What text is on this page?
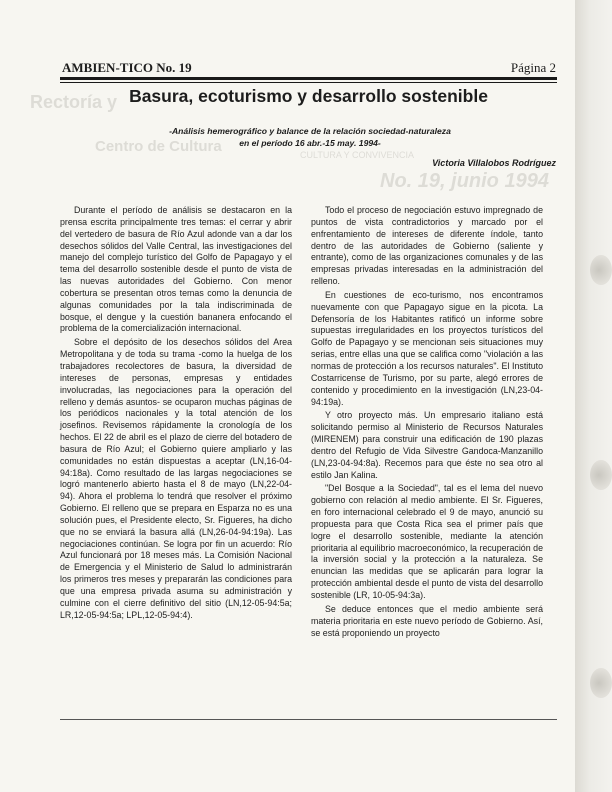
Rectoría y
Centro de Cultura	CULTURA Y CONVIVENCIA
No. 19, junio 1994
AMBIEN-TICO No. 19	Página 2
Basura, ecoturismo y desarrollo sostenible
-Análisis hemerográfico y balance de la relación sociedad-naturaleza
en el período 16 abr.-15 may. 1994-
Victoria Villalobos Rodríguez

Durante el período de análisis se destacaron en la prensa escrita principalmente tres temas: el cerrar y abrir del vertedero de basura de Río Azul adonde van a dar los desechos sólidos del Valle Central, las investigaciones del manejo del complejo turístico del Golfo de Papagayo y el tema del desarrollo sostenible desde el punto de vista de las nuevas autoridades del Gobierno. Con menor cobertura se presentan otros temas como la denuncia de algunas comunidades por la tala indiscriminada de bosque, el dengue y la cuestión bananera enfocando el problema de la comercialización internacional.

Sobre el depósito de los desechos sólidos del Area Metropolitana y de toda su trama -como la huelga de los trabajadores recolectores de basura, la diversidad de intereses de personas, empresas y entidades involucradas, las negociaciones para la operación del relleno y demás asuntos- se ocuparon muchas páginas de los periódicos nacionales y la total atención de los josefinos. Revisemos rápidamente la cronología de los hechos. El 22 de abril es el plazo de cierre del botadero de basura de Río Azul; el Gobierno quiere ampliarlo y las comunidades no están dispuestas a aceptar (LN,16-04-94:18a). Como resultado de las largas negociaciones se logró mantenerlo abierto hasta el 8 de mayo (LN,22-04-94). Ahora el problema lo tendrá que resolver el próximo Gobierno. El relleno que se prepara en Esparza no es una solución pues, el Presidente electo, Sr. Figueres, ha dicho que no se enviará la basura allá (LN,26-04-94:19a). Las negociaciones continúan. Se logra por fin un acuerdo: Río Azul funcionará por 18 meses más. La Comisión Nacional de Emergencia y el Ministerio de Salud lo administrarán los primeros tres meses y prepararán las condiciones para que una empresa privada asuma su administración y culmine con el cierre definitivo del sitio (LN,12-05-94:5a; LR,12-05-94:5a; LPL,12-05-94:4).

Todo el proceso de negociación estuvo impregnado de puntos de vista contradictorios y marcado por el enfrentamiento de intereses de diferente índole, tanto dentro de las autoridades de Gobierno (saliente y entrante), como de las organizaciones comunales y de las empresas privadas interesadas en la administración del relleno.

En cuestiones de eco-turismo, nos encontramos nuevamente con que Papagayo sigue en la picota. La Defensoría de los Habitantes ratificó un informe sobre supuestas irregularidades en los proyectos turísticos del Golfo de Papagayo y se mencionan seis situaciones muy serias, entre ellas una que se califica como "violación a las normas de protección a los recursos naturales". El Instituto Costarricense de Turismo, por su parte, alegó errores de contenido y procedimiento en la investigación (LN,23-04-94:19a).

Y otro proyecto más. Un empresario italiano está solicitando permiso al Ministerio de Recursos Naturales (MIRENEM) para construir una edificación de 190 plazas dentro del Refugio de Vida Silvestre Gandoca-Manzanillo (LN,23-04-94:8a). Recemos para que éste no sea otro al estilo Jan Kalina.

"Del Bosque a la Sociedad", tal es el lema del nuevo gobierno con relación al medio ambiente. El Sr. Figueres, en foro internacional celebrado el 9 de mayo, anunció su propuesta para que Costa Rica sea el primer país que logre el desarrollo sostenible, mediante la atención prioritaria al equilibrio macroeconómico, la recuperación de la inversión social y la protección a la naturaleza. Se enuncian las medidas que se aplicarán para lograr la protección ambiental desde el punto de vista del desarrollo sostenible (LR, 10-05-94:3a).

Se deduce entonces que el medio ambiente será materia prioritaria en este nuevo período de Gobierno. Así, se está proponiendo un proyecto
